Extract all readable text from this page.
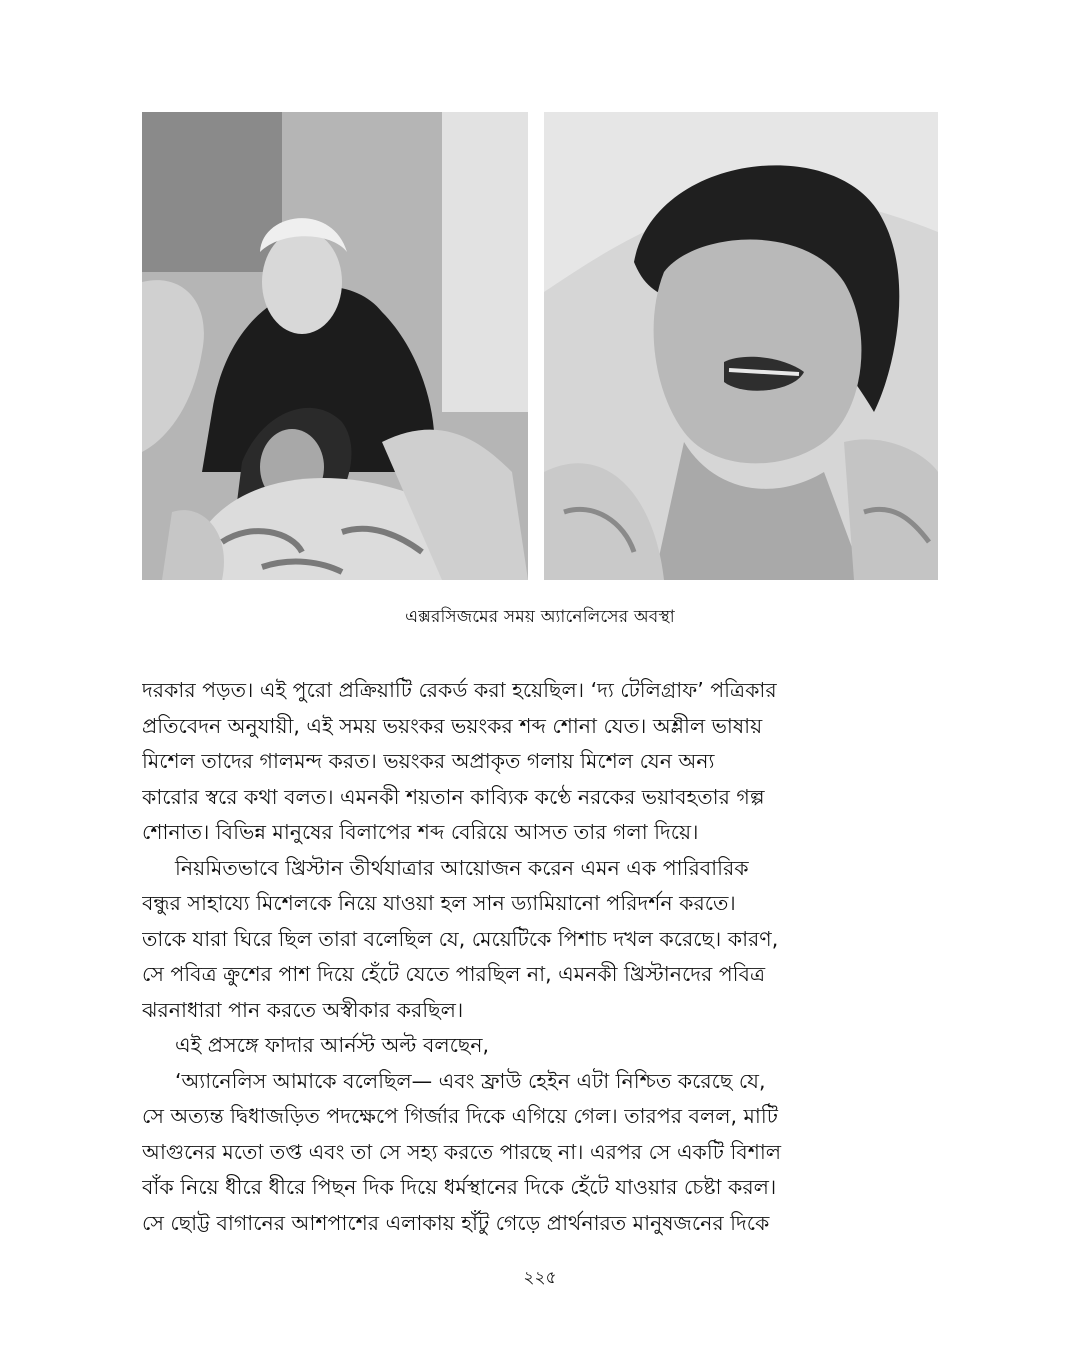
এক্সরসিজমের সময় অ্যানেলিসের অবস্থা
দরকার পড়ত। এই পুরো প্রক্রিয়াটি রেকর্ড করা হয়েছিল। ‘দ্য টেলিগ্রাফ’ পত্রিকার
প্রতিবেদন অনুযায়ী, এই সময় ভয়ংকর ভয়ংকর শব্দ শোনা যেত। অশ্লীল ভাষায়
মিশেল তাদের গালমন্দ করত। ভয়ংকর অপ্রাকৃত গলায় মিশেল যেন অন্য
কারোর স্বরে কথা বলত। এমনকী শয়তান কাব্যিক কণ্ঠে নরকের ভয়াবহতার গল্প
শোনাত। বিভিন্ন মানুষের বিলাপের শব্দ বেরিয়ে আসত তার গলা দিয়ে।
নিয়মিতভাবে খ্রিস্টান তীর্থযাত্রার আয়োজন করেন এমন এক পারিবারিক
বন্ধুর সাহায্যে মিশেলকে নিয়ে যাওয়া হল সান ড্যামিয়ানো পরিদর্শন করতে।
তাকে যারা ঘিরে ছিল তারা বলেছিল যে, মেয়েটিকে পিশাচ দখল করেছে। কারণ,
সে পবিত্র ক্রুশের পাশ দিয়ে হেঁটে যেতে পারছিল না, এমনকী খ্রিস্টানদের পবিত্র
ঝরনাধারা পান করতে অস্বীকার করছিল।
এই প্রসঙ্গে ফাদার আর্নস্ট অল্ট বলছেন,
‘অ্যানেলিস আমাকে বলেছিল— এবং ফ্রাউ হেইন এটা নিশ্চিত করেছে যে,
সে অত্যন্ত দ্বিধাজড়িত পদক্ষেপে গির্জার দিকে এগিয়ে গেল। তারপর বলল, মাটি
আগুনের মতো তপ্ত এবং তা সে সহ্য করতে পারছে না। এরপর সে একটি বিশাল
বাঁক নিয়ে ধীরে ধীরে পিছন দিক দিয়ে ধর্মস্থানের দিকে হেঁটে যাওয়ার চেষ্টা করল।
সে ছোট্ট বাগানের আশপাশের এলাকায় হাঁটু গেড়ে প্রার্থনারত মানুষজনের দিকে
২২৫
